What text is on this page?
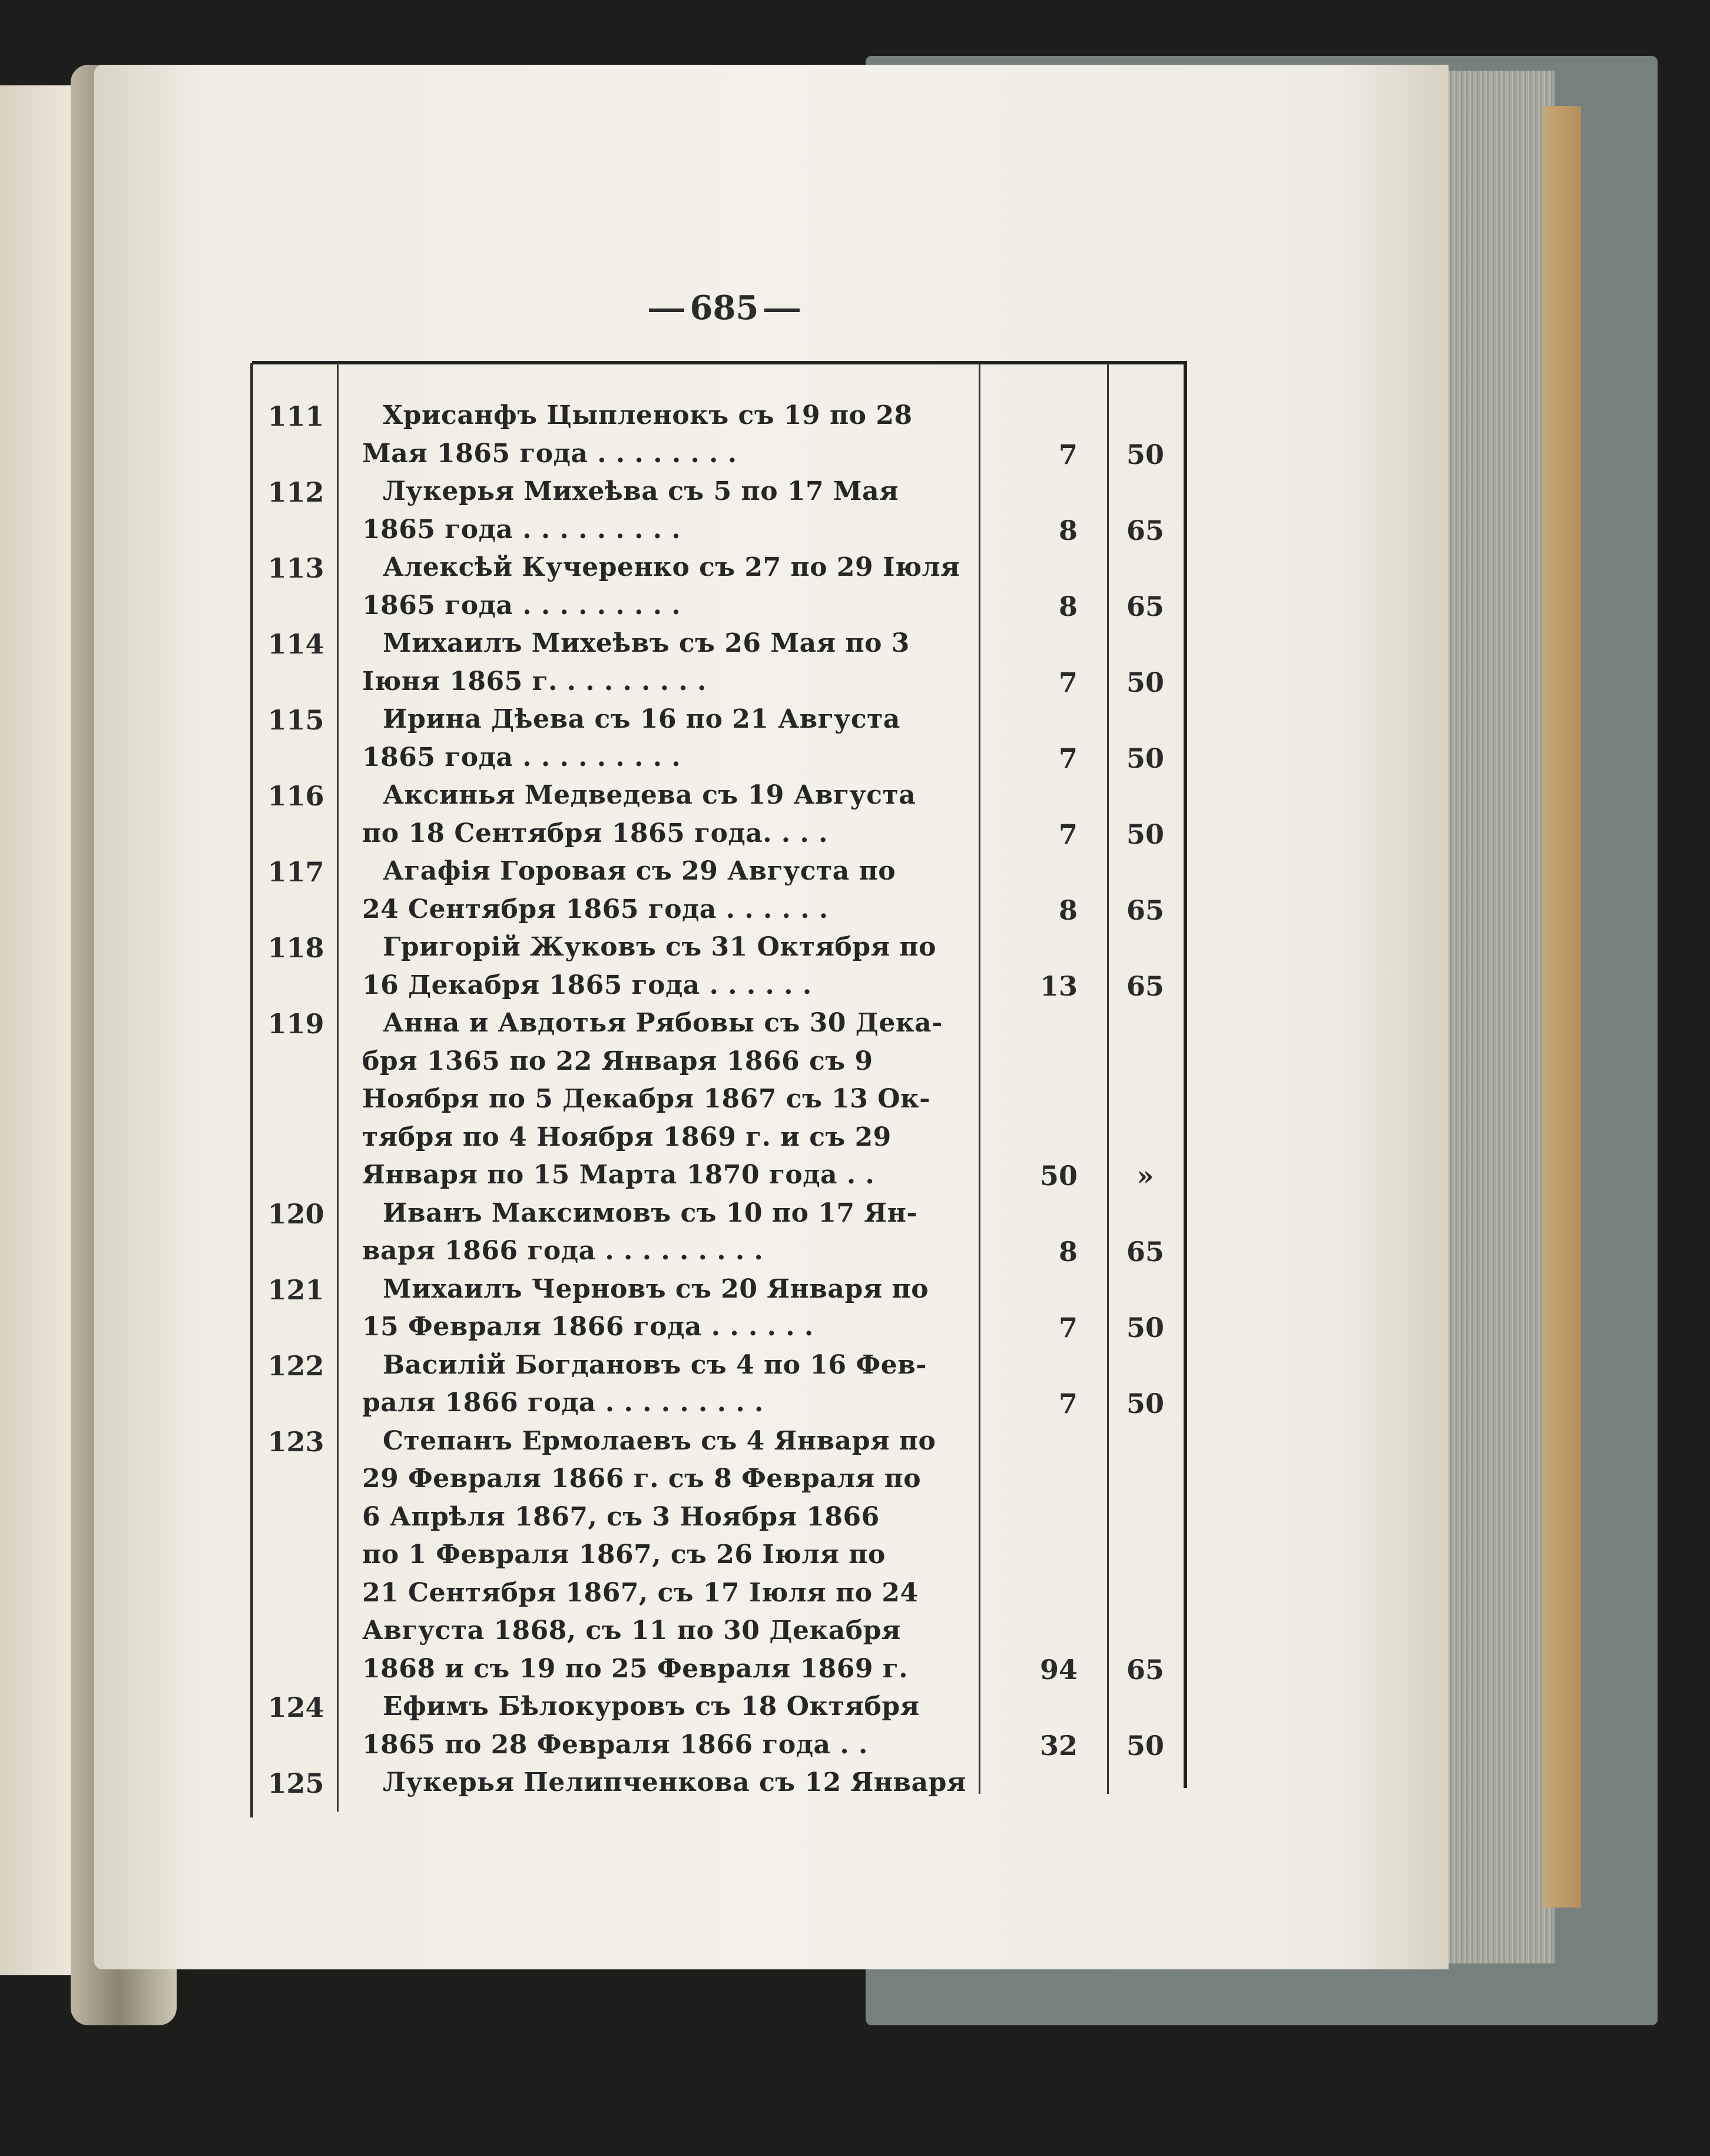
685
111	Хрисанфъ Цыпленокъ съ 19 по 28
Мая 1865 года . . . . . . . .	7	50
112	Лукерья Михеѣва съ 5 по 17 Мая
1865 года . . . . . . . . .	8	65
113	Алексѣй Кучеренко съ 27 по 29 Іюля
1865 года . . . . . . . . .	8	65
114	Михаилъ Михеѣвъ съ 26 Мая по 3
Іюня 1865 г. . . . . . . . .	7	50
115	Ирина Дѣева съ 16 по 21 Августа
1865 года . . . . . . . . .	7	50
116	Аксинья Медведева съ 19 Августа
по 18 Сентября 1865 года. . . .	7	50
117	Агафія Горовая съ 29 Августа по
24 Сентября 1865 года . . . . . .	8	65
118	Григорій Жуковъ съ 31 Октября по
16 Декабря 1865 года . . . . . .	13	65
119	Анна и Авдотья Рябовы съ 30 Дека-
бря 1365 по 22 Января 1866 съ 9
Ноября по 5 Декабря 1867 съ 13 Ок-
тября по 4 Ноября 1869 г. и съ 29
Января по 15 Марта 1870 года . .	50	»
120	Иванъ Максимовъ съ 10 по 17 Ян-
варя 1866 года . . . . . . . . .	8	65
121	Михаилъ Черновъ съ 20 Января по
15 Февраля 1866 года . . . . . .	7	50
122	Василій Богдановъ съ 4 по 16 Фев-
раля 1866 года . . . . . . . . .	7	50
123	Степанъ Ермолаевъ съ 4 Января по
29 Февраля 1866 г. съ 8 Февраля по
6 Апрѣля 1867, съ 3 Ноября 1866
по 1 Февраля 1867, съ 26 Іюля по
21 Сентября 1867, съ 17 Іюля по 24
Августа 1868, съ 11 по 30 Декабря
1868 и съ 19 по 25 Февраля 1869 г.	94	65
124	Ефимъ Бѣлокуровъ съ 18 Октября
1865 по 28 Февраля 1866 года . .	32	50
125	Лукерья Пелипченкова съ 12 Января
